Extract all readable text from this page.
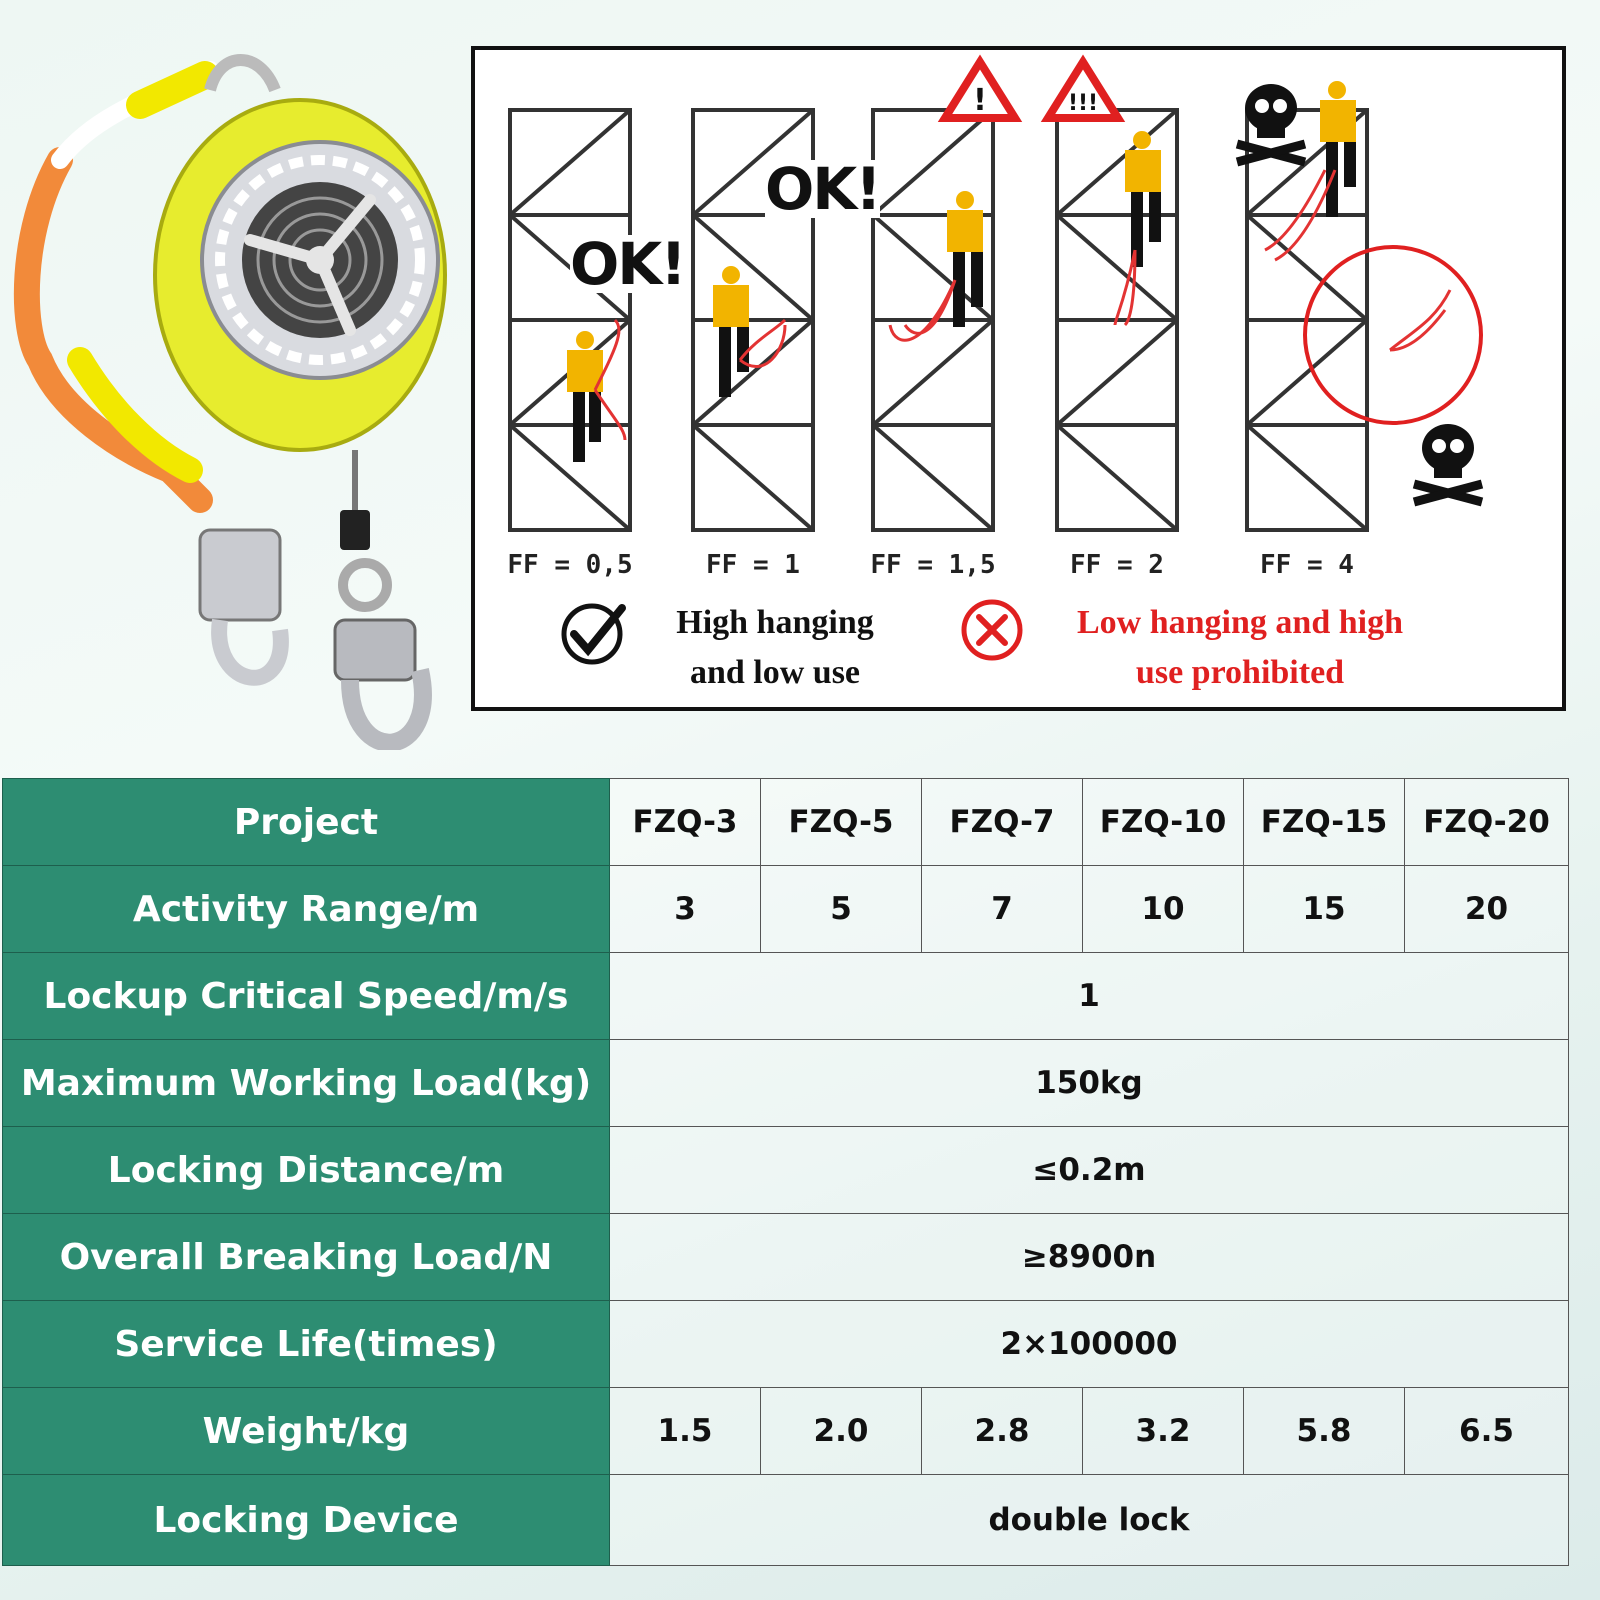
!	!!!
OK!
OK!
FF = 0,5	FF = 1	FF = 1,5	FF = 2	FF = 4
High hanging
and low use
Low hanging and high
use prohibited
Project	FZQ-3	FZQ-5	FZQ-7	FZQ-10	FZQ-15	FZQ-20
Activity Range/m	3	5	7	10	15	20
Lockup Critical Speed/m/s	1					
Maximum Working Load(kg)	150kg					
Locking Distance/m	≤0.2m					
Overall Breaking Load/N	≥8900n					
Service Life(times)	2×100000					
Weight/kg	1.5	2.0	2.8	3.2	5.8	6.5
Locking Device	double lock					
